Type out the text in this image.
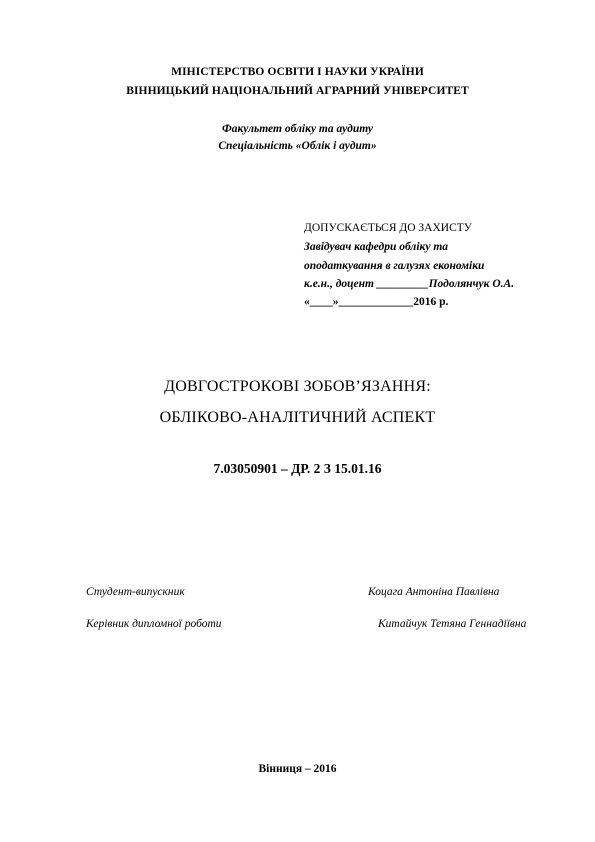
МІНІСТЕРСТВО ОСВІТИ І НАУКИ УКРАЇНИ
ВІННИЦЬКИЙ НАЦІОНАЛЬНИЙ АГРАРНИЙ УНІВЕРСИТЕТ
Факультет обліку та аудиту
Спеціальність «Облік і аудит»
ДОПУСКАЄТЬСЯ ДО ЗАХИСТУ
Завідувач кафедри обліку та
оподаткування в галузях економіки
к.е.н., доцент _________Подолянчук О.А.
«____»_____________2016 р.
ДОВГОСТРОКОВІ ЗОБОВ’ЯЗАННЯ:
ОБЛІКОВО-АНАЛІТИЧНИЙ АСПЕКТ
7.03050901 – ДР. 2 З 15.01.16
Студент-випускник	Коцага Антоніна Павлівна
Керівник дипломної роботи	Китайчук Тетяна Геннадіївна
Вінниця – 2016
